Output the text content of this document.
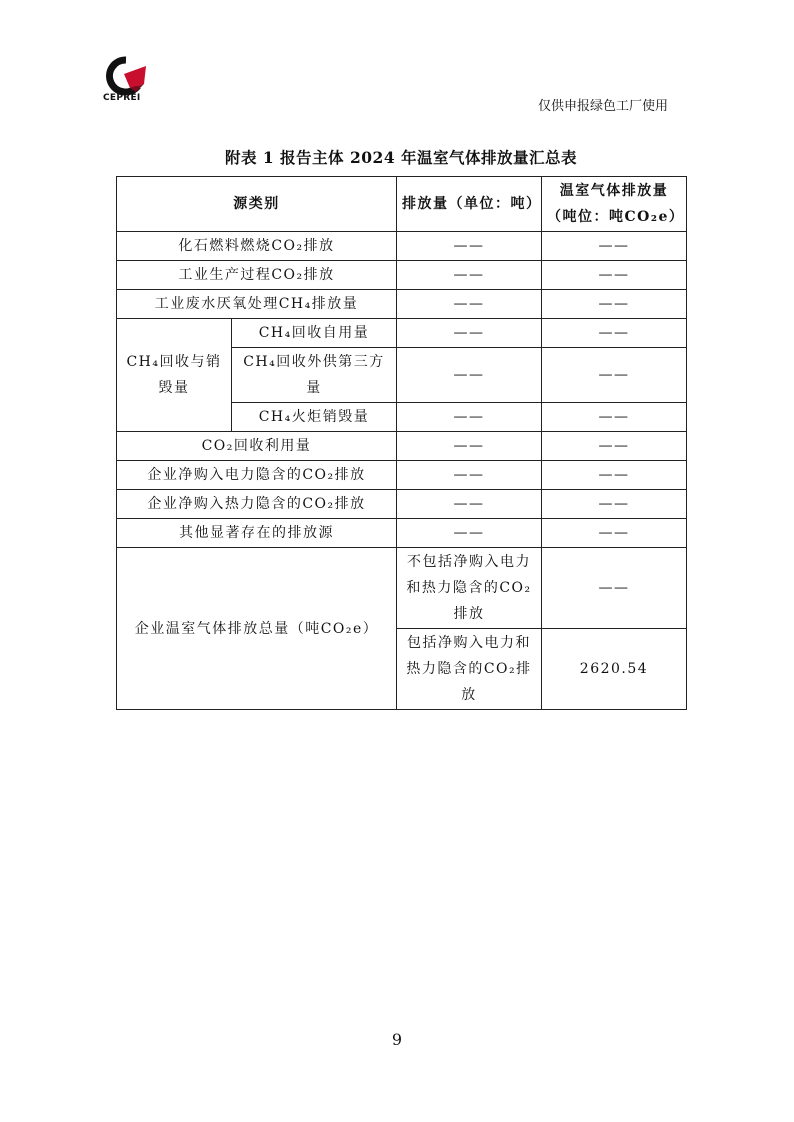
CEPREI
仅供申报绿色工厂使用
附表 1 报告主体 2024 年温室气体排放量汇总表
源类别		排放量（单位：吨）	温室气体排放量（吨位：吨CO₂e）
化石燃料燃烧CO₂排放		——	——
工业生产过程CO₂排放		——	——
工业废水厌氧处理CH₄排放量		——	——
CH₄回收与销毁量	CH₄回收自用量	——	——
	CH₄回收外供第三方量	——	——
	CH₄火炬销毁量	——	——
CO₂回收利用量		——	——
企业净购入电力隐含的CO₂排放		——	——
企业净购入热力隐含的CO₂排放		——	——
其他显著存在的排放源		——	——
企业温室气体排放总量（吨CO₂e）		不包括净购入电力和热力隐含的CO₂排放	——
		包括净购入电力和热力隐含的CO₂排放	2620.54
9
